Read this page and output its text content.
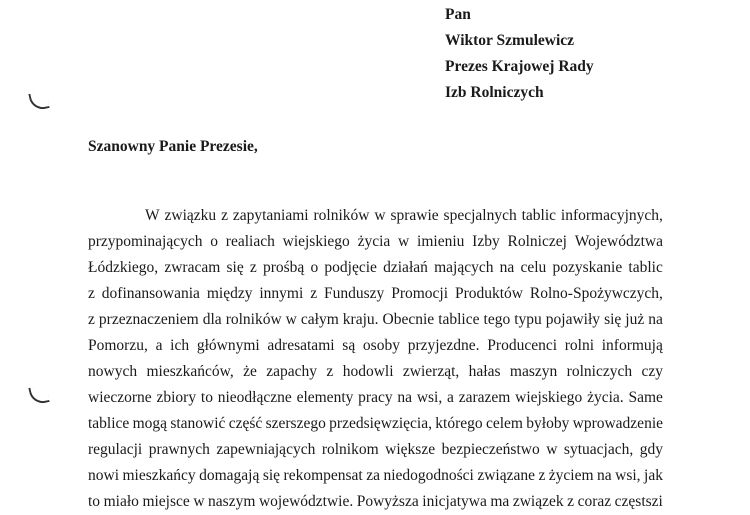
Pan
Wiktor Szmulewicz
Prezes Krajowej Rady
Izb Rolniczych
Szanowny Panie Prezesie,
W związku z zapytaniami rolników w sprawie specjalnych tablic informacyjnych,
przypominających o realiach wiejskiego życia w imieniu Izby Rolniczej Województwa
Łódzkiego, zwracam się z prośbą o podjęcie działań mających na celu pozyskanie tablic
z dofinansowania między innymi z Funduszy Promocji Produktów Rolno-Spożywczych,
z przeznaczeniem dla rolników w całym kraju. Obecnie tablice tego typu pojawiły się już na
Pomorzu, a ich głównymi adresatami są osoby przyjezdne. Producenci rolni informują
nowych mieszkańców, że zapachy z hodowli zwierząt, hałas maszyn rolniczych czy
wieczorne zbiory to nieodłączne elementy pracy na wsi, a zarazem wiejskiego życia. Same
tablice mogą stanowić część szerszego przedsięwzięcia, którego celem byłoby wprowadzenie
regulacji prawnych zapewniających rolnikom większe bezpieczeństwo w sytuacjach, gdy
nowi mieszkańcy domagają się rekompensat za niedogodności związane z życiem na wsi, jak
to miało miejsce w naszym województwie. Powyższa inicjatywa ma związek z coraz częstszi
